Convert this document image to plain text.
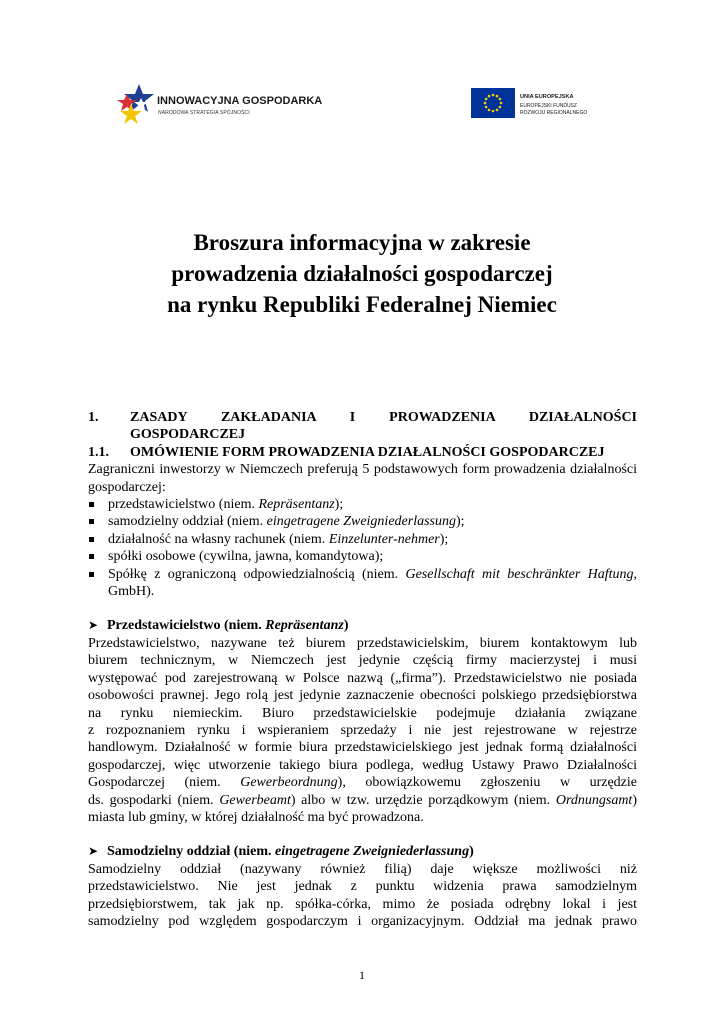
INNOWACYJNA GOSPODARKA
NARODOWA STRATEGIA SPÓJNOŚCI
UNIA EUROPEJSKA
EUROPEJSKI FUNDUSZ
ROZWOJU REGIONALNEGO
Broszura informacyjna w zakresie
prowadzenia działalności gospodarczej
na rynku Republiki Federalnej Niemiec
1.	ZASADY ZAKŁADANIA I PROWADZENIA DZIAŁALNOŚCI
GOSPODARCZEJ
1.1.	OMÓWIENIE FORM PROWADZENIA DZIAŁALNOŚCI GOSPODARCZEJ

Zagraniczni inwestorzy w Niemczech preferują 5 podstawowych form prowadzenia działalności gospodarczej:

przedstawicielstwo (niem. Repräsentanz);
samodzielny oddział (niem. eingetragene Zweigniederlassung);
działalność na własny rachunek (niem. Einzelunter-nehmer);
spółki osobowe (cywilna, jawna, komandytowa);
Spółkę z ograniczoną odpowiedzialnością (niem. Gesellschaft mit beschränkter Haftung, GmbH).
➤ Przedstawicielstwo (niem. Repräsentanz)
Przedstawicielstwo, nazywane też biurem przedstawicielskim, biurem kontaktowym lub
biurem technicznym, w Niemczech jest jedynie częścią firmy macierzystej i musi
występować pod zarejestrowaną w Polsce nazwą („firma”). Przedstawicielstwo nie posiada
osobowości prawnej. Jego rolą jest jedynie zaznaczenie obecności polskiego przedsiębiorstwa
na rynku niemieckim. Biuro przedstawicielskie podejmuje działania związane
z rozpoznaniem rynku i wspieraniem sprzedaży i nie jest rejestrowane w rejestrze
handlowym. Działalność w formie biura przedstawicielskiego jest jednak formą działalności
gospodarczej, więc utworzenie takiego biura podlega, według Ustawy Prawo Działalności
Gospodarczej (niem. Gewerbeordnung), obowiązkowemu zgłoszeniu w urzędzie
ds. gospodarki (niem. Gewerbeamt) albo w tzw. urzędzie porządkowym (niem. Ordnungsamt)
miasta lub gminy, w której działalność ma być prowadzona.
➤ Samodzielny oddział (niem. eingetragene Zweigniederlassung)
Samodzielny oddział (nazywany również filią) daje większe możliwości niż
przedstawicielstwo. Nie jest jednak z punktu widzenia prawa samodzielnym
przedsiębiorstwem, tak jak np. spółka-córka, mimo że posiada odrębny lokal i jest
samodzielny pod względem gospodarczym i organizacyjnym. Oddział ma jednak prawo
1
